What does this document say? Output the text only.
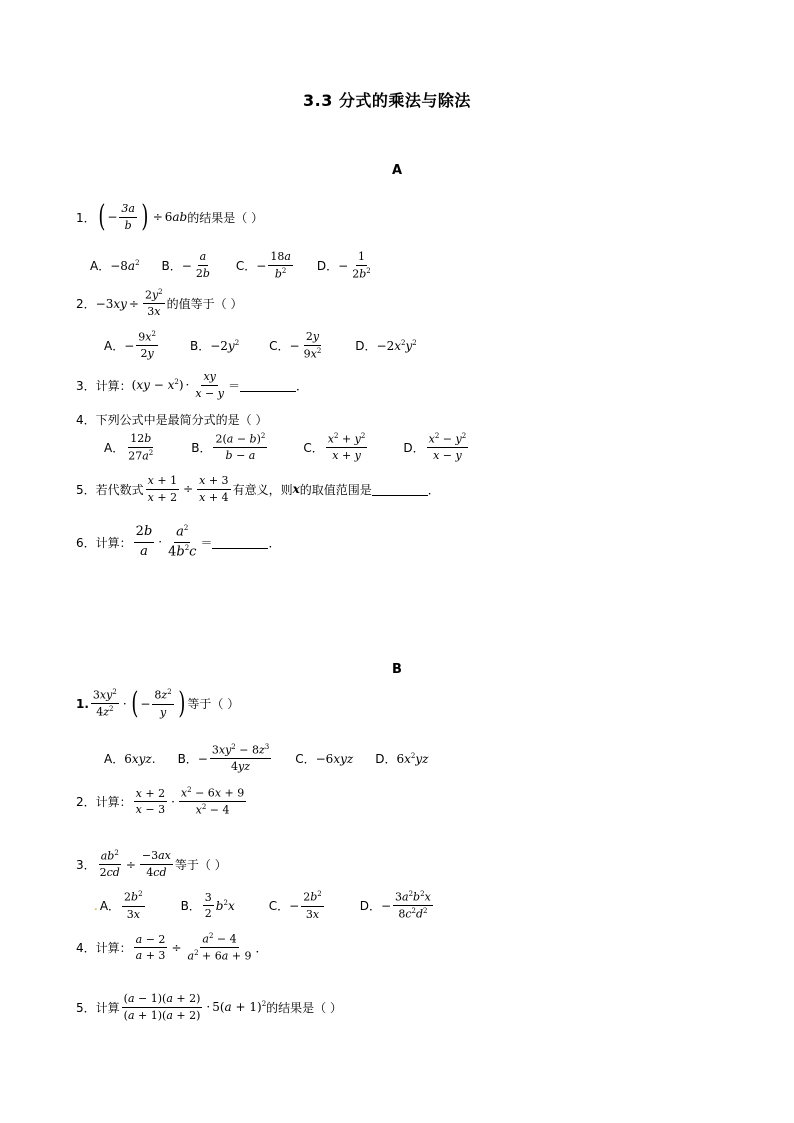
3.3 分式的乘法与除法
A
1． ( − $\frac{3a}{b}$ ) ÷ 6ab 的结果是（ ）
A． $-8a^2$ B． − $\frac{a}{2b}$ C． − $\frac{18a}{b^2}$ D． − $\frac{1}{2b^2}$
2． $-3xy \div \frac{2y^2}{3x}$ 的值等于（ ）
A． − $\frac{9x^2}{2y}$	B． $-2y^2$	C． − $\frac{2y}{9x^2}$	D． $-2x^2y^2$
3． 计算： $(xy - x^2) \cdot \frac{xy}{x - y}$ ＝	．
4． 下列公式中是最简分式的是（ ）
A． $\frac{12b}{27a^2}$	B． $\frac{2(a - b)^2}{b - a}$	C． $\frac{x^2 + y^2}{x + y}$	D． $\frac{x^2 - y^2}{x - y}$
5． 若代数式 $\frac{x + 1}{x + 2} \div \frac{x + 3}{x + 4}$ 有意义，则 x 的取值范围是	．
6． 计算： $\frac{2b}{a} \cdot \frac{a^2}{4b^2c}$ ＝	．
B
1. $\frac{3xy^2}{4z^2}$ · ( − $\frac{8z^2}{y}$ ) 等于（ ）
A． 6xyz. B． − $\frac{3xy^2 - 8z^3}{4yz}$ C． −6xyz D． $6x^2yz$
2． 计算： $\frac{x + 2}{x - 3} \cdot \frac{x^2 - 6x + 9}{x^2 - 4}$
3． $\frac{ab^2}{2cd} \div \frac{-3ax}{4cd}$ 等于（ ）
. A． $\frac{2b^2}{3x}$	B． $\frac{3}{2} b^2x$	C． − $\frac{2b^2}{3x}$	D． − $\frac{3a^2b^2x}{8c^2d^2}$
4． 计算： $\frac{a - 2}{a + 3} \div \frac{a^2 - 4}{a^2 + 6a + 9}$ ．
5． 计算 $\frac{(a - 1)(a + 2)}{(a + 1)(a + 2)} \cdot 5(a + 1)^2$ 的结果是（ ）
